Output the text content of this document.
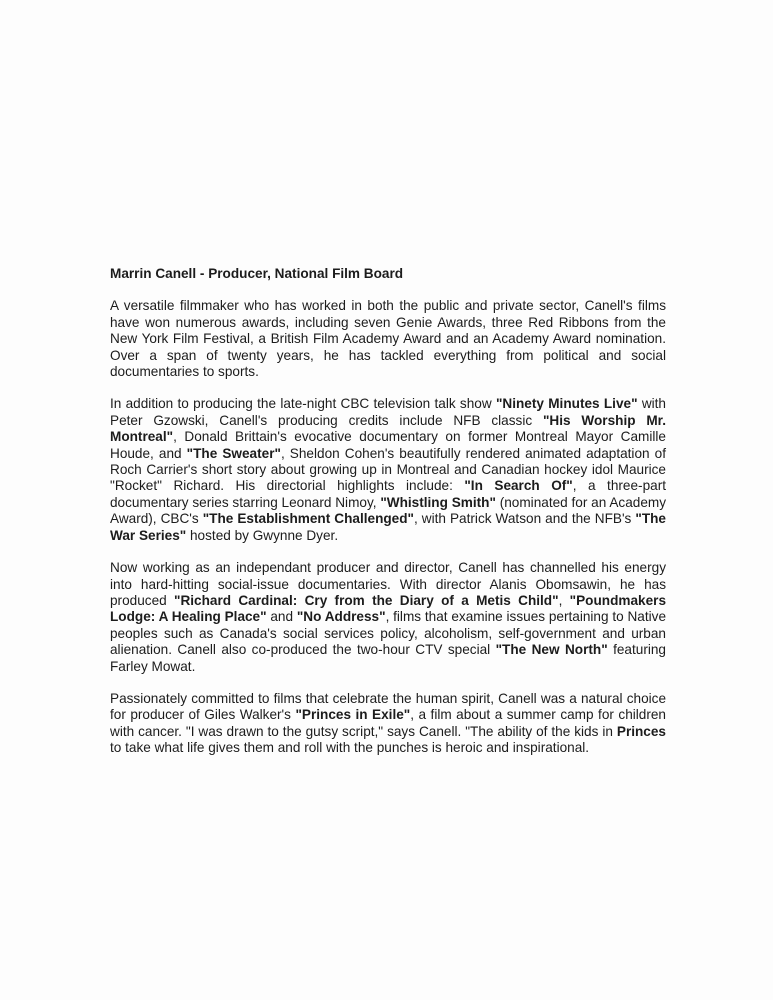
Marrin Canell - Producer, National Film Board

A versatile filmmaker who has worked in both the public and private sector, Canell's films have won numerous awards, including seven Genie Awards, three Red Ribbons from the New York Film Festival, a British Film Academy Award and an Academy Award nomination. Over a span of twenty years, he has tackled everything from political and social documentaries to sports.

In addition to producing the late-night CBC television talk show "Ninety Minutes Live" with Peter Gzowski, Canell's producing credits include NFB classic "His Worship Mr. Montreal", Donald Brittain's evocative documentary on former Montreal Mayor Camille Houde, and "The Sweater", Sheldon Cohen's beautifully rendered animated adaptation of Roch Carrier's short story about growing up in Montreal and Canadian hockey idol Maurice "Rocket" Richard. His directorial highlights include: "In Search Of", a three-part documentary series starring Leonard Nimoy, "Whistling Smith" (nominated for an Academy Award), CBC's "The Establishment Challenged", with Patrick Watson and the NFB's "The War Series" hosted by Gwynne Dyer.

Now working as an independant producer and director, Canell has channelled his energy into hard-hitting social-issue documentaries. With director Alanis Obomsawin, he has produced "Richard Cardinal: Cry from the Diary of a Metis Child", "Poundmakers Lodge: A Healing Place" and "No Address", films that examine issues pertaining to Native peoples such as Canada's social services policy, alcoholism, self-government and urban alienation. Canell also co-produced the two-hour CTV special "The New North" featuring Farley Mowat.

Passionately committed to films that celebrate the human spirit, Canell was a natural choice for producer of Giles Walker's "Princes in Exile", a film about a summer camp for children with cancer. "I was drawn to the gutsy script," says Canell. "The ability of the kids in Princes to take what life gives them and roll with the punches is heroic and inspirational.
